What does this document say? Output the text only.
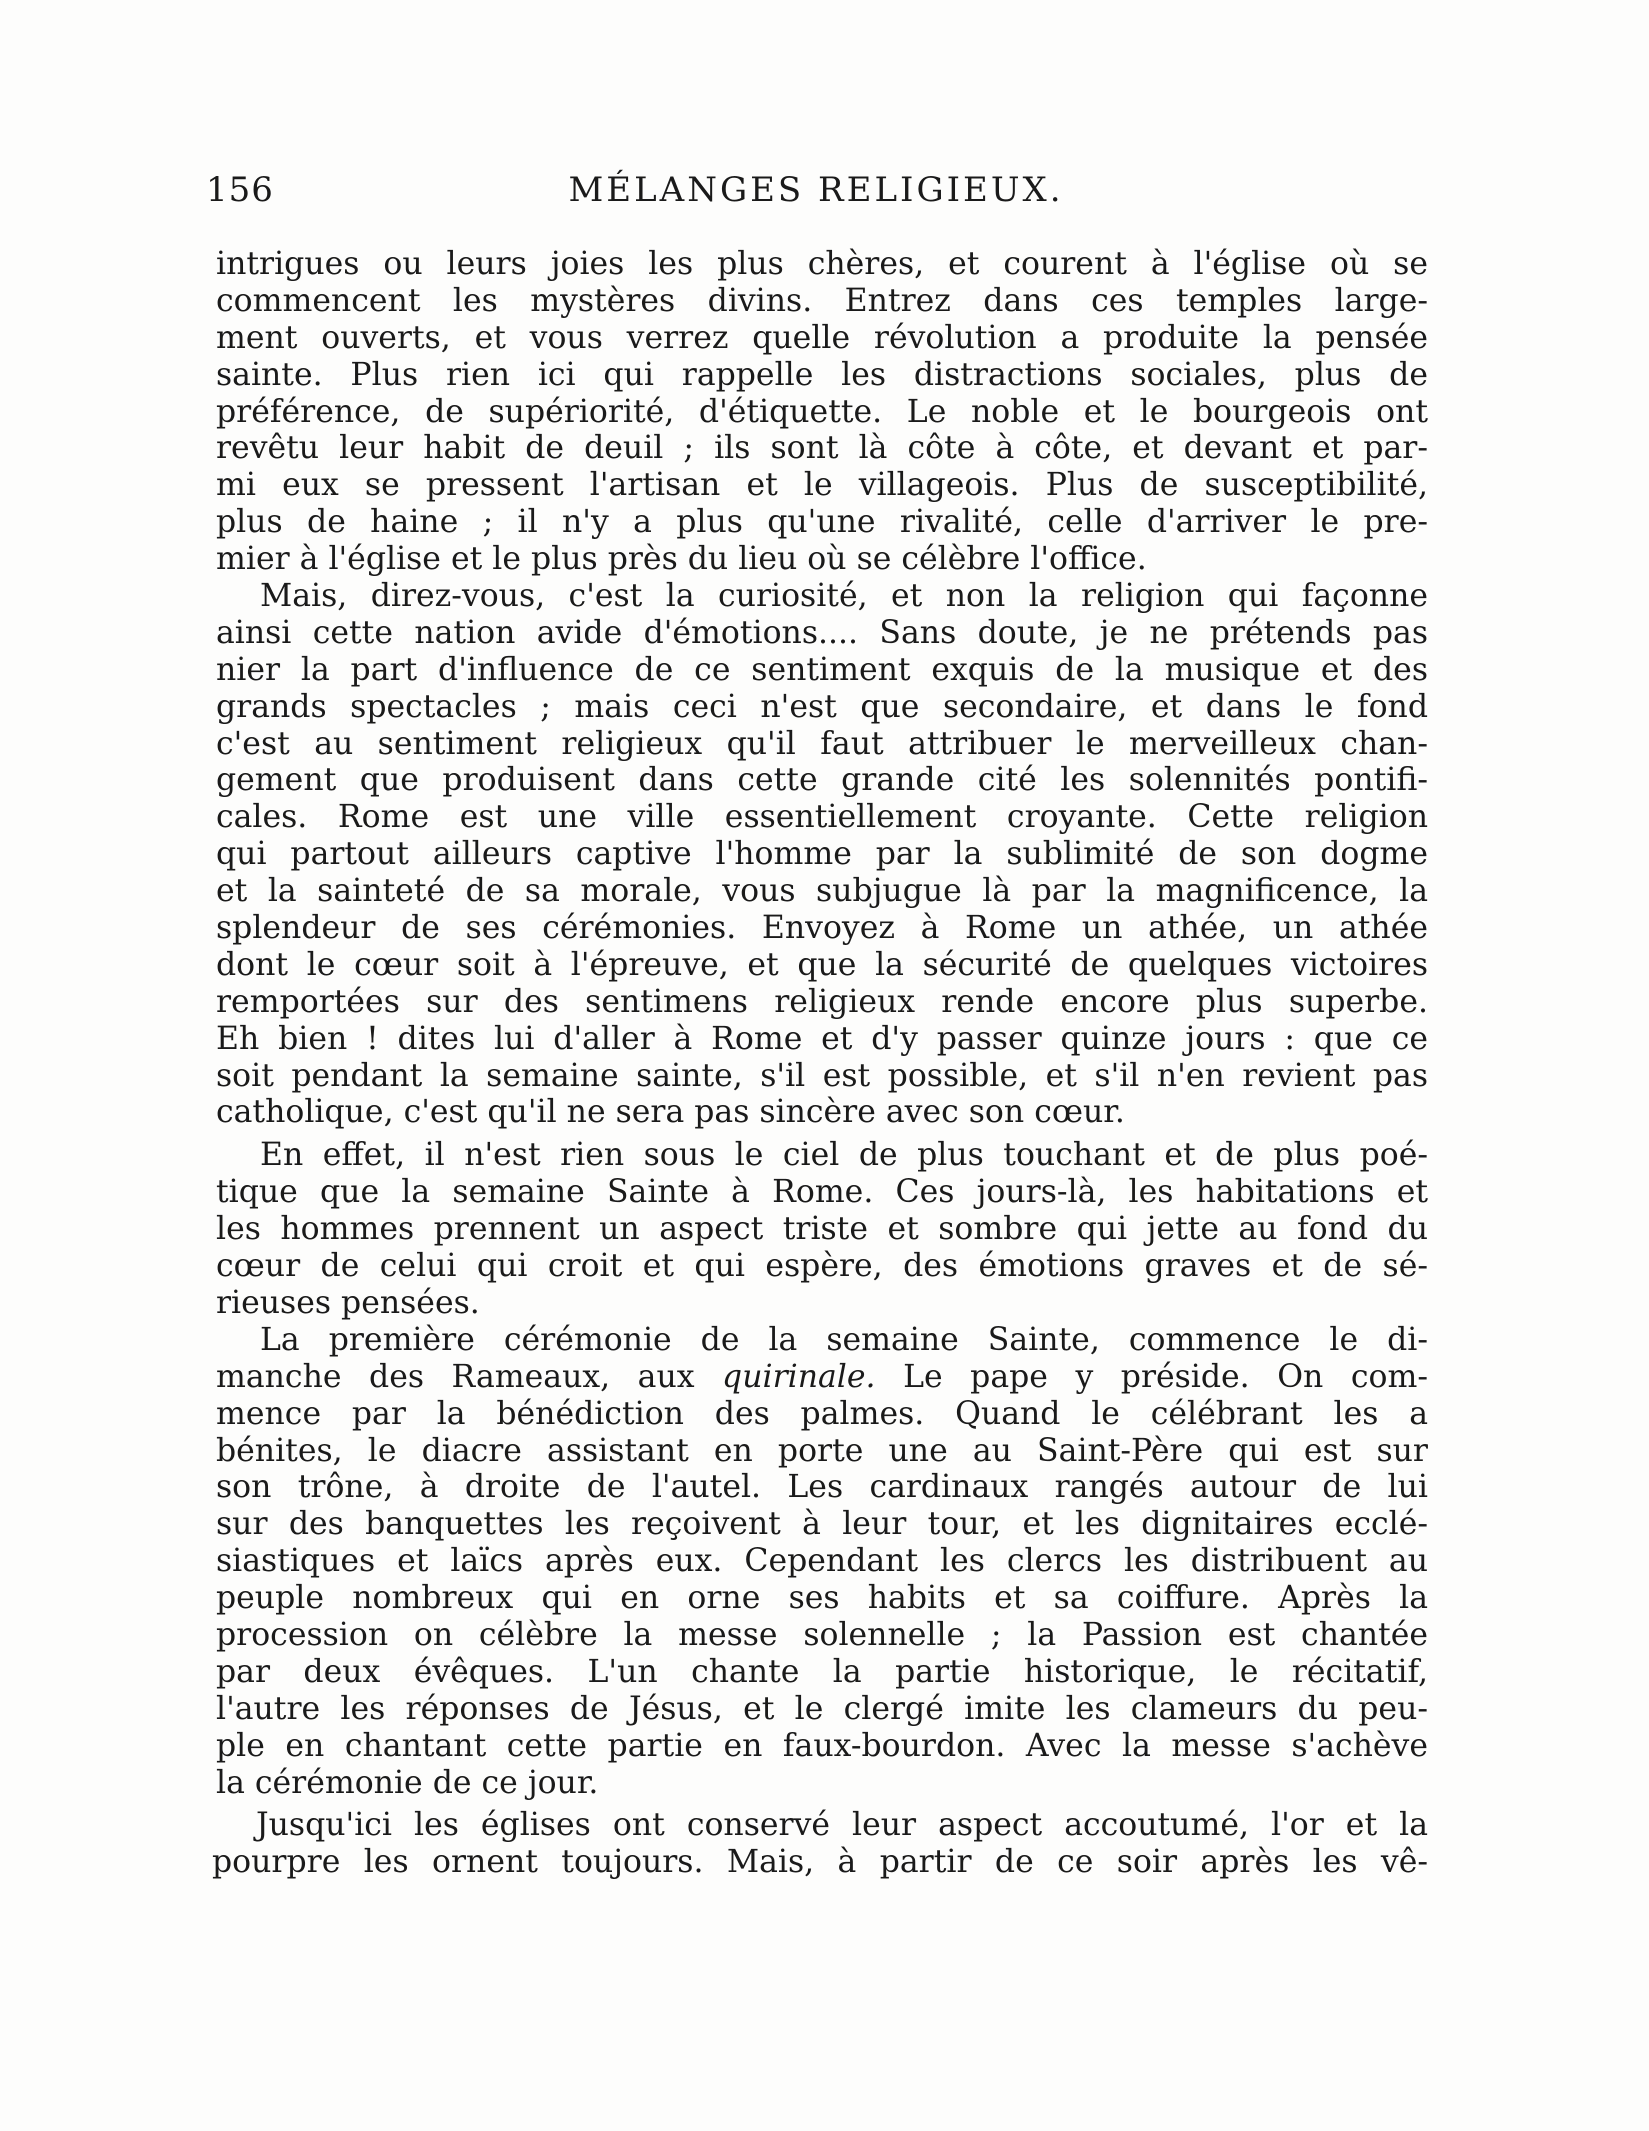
156	MÉLANGES RELIGIEUX.
intrigues ou leurs joies les plus chères, et courent à l'église où se
commencent les mystères divins. Entrez dans ces temples large-
ment ouverts, et vous verrez quelle révolution a produite la pensée
sainte. Plus rien ici qui rappelle les distractions sociales, plus de
préférence, de supériorité, d'étiquette. Le noble et le bourgeois ont
revêtu leur habit de deuil ; ils sont là côte à côte, et devant et par-
mi eux se pressent l'artisan et le villageois. Plus de susceptibilité,
plus de haine ; il n'y a plus qu'une rivalité, celle d'arriver le pre-
mier à l'église et le plus près du lieu où se célèbre l'office.
Mais, direz-vous, c'est la curiosité, et non la religion qui façonne
ainsi cette nation avide d'émotions.... Sans doute, je ne prétends pas
nier la part d'influence de ce sentiment exquis de la musique et des
grands spectacles ; mais ceci n'est que secondaire, et dans le fond
c'est au sentiment religieux qu'il faut attribuer le merveilleux chan-
gement que produisent dans cette grande cité les solennités pontifi-
cales. Rome est une ville essentiellement croyante. Cette religion
qui partout ailleurs captive l'homme par la sublimité de son dogme
et la sainteté de sa morale, vous subjugue là par la magnificence, la
splendeur de ses cérémonies. Envoyez à Rome un athée, un athée
dont le cœur soit à l'épreuve, et que la sécurité de quelques victoires
remportées sur des sentimens religieux rende encore plus superbe.
Eh bien ! dites lui d'aller à Rome et d'y passer quinze jours : que ce
soit pendant la semaine sainte, s'il est possible, et s'il n'en revient pas
catholique, c'est qu'il ne sera pas sincère avec son cœur.
En effet, il n'est rien sous le ciel de plus touchant et de plus poé-
tique que la semaine Sainte à Rome. Ces jours-là, les habitations et
les hommes prennent un aspect triste et sombre qui jette au fond du
cœur de celui qui croit et qui espère, des émotions graves et de sé-
rieuses pensées.
La première cérémonie de la semaine Sainte, commence le di-
manche des Rameaux, aux quirinale. Le pape y préside. On com-
mence par la bénédiction des palmes. Quand le célébrant les a
bénites, le diacre assistant en porte une au Saint-Père qui est sur
son trône, à droite de l'autel. Les cardinaux rangés autour de lui
sur des banquettes les reçoivent à leur tour, et les dignitaires ecclé-
siastiques et laïcs après eux. Cependant les clercs les distribuent au
peuple nombreux qui en orne ses habits et sa coiffure. Après la
procession on célèbre la messe solennelle ; la Passion est chantée
par deux évêques. L'un chante la partie historique, le récitatif,
l'autre les réponses de Jésus, et le clergé imite les clameurs du peu-
ple en chantant cette partie en faux-bourdon. Avec la messe s'achève
la cérémonie de ce jour.
Jusqu'ici les églises ont conservé leur aspect accoutumé, l'or et la
pourpre les ornent toujours. Mais, à partir de ce soir après les vê-
